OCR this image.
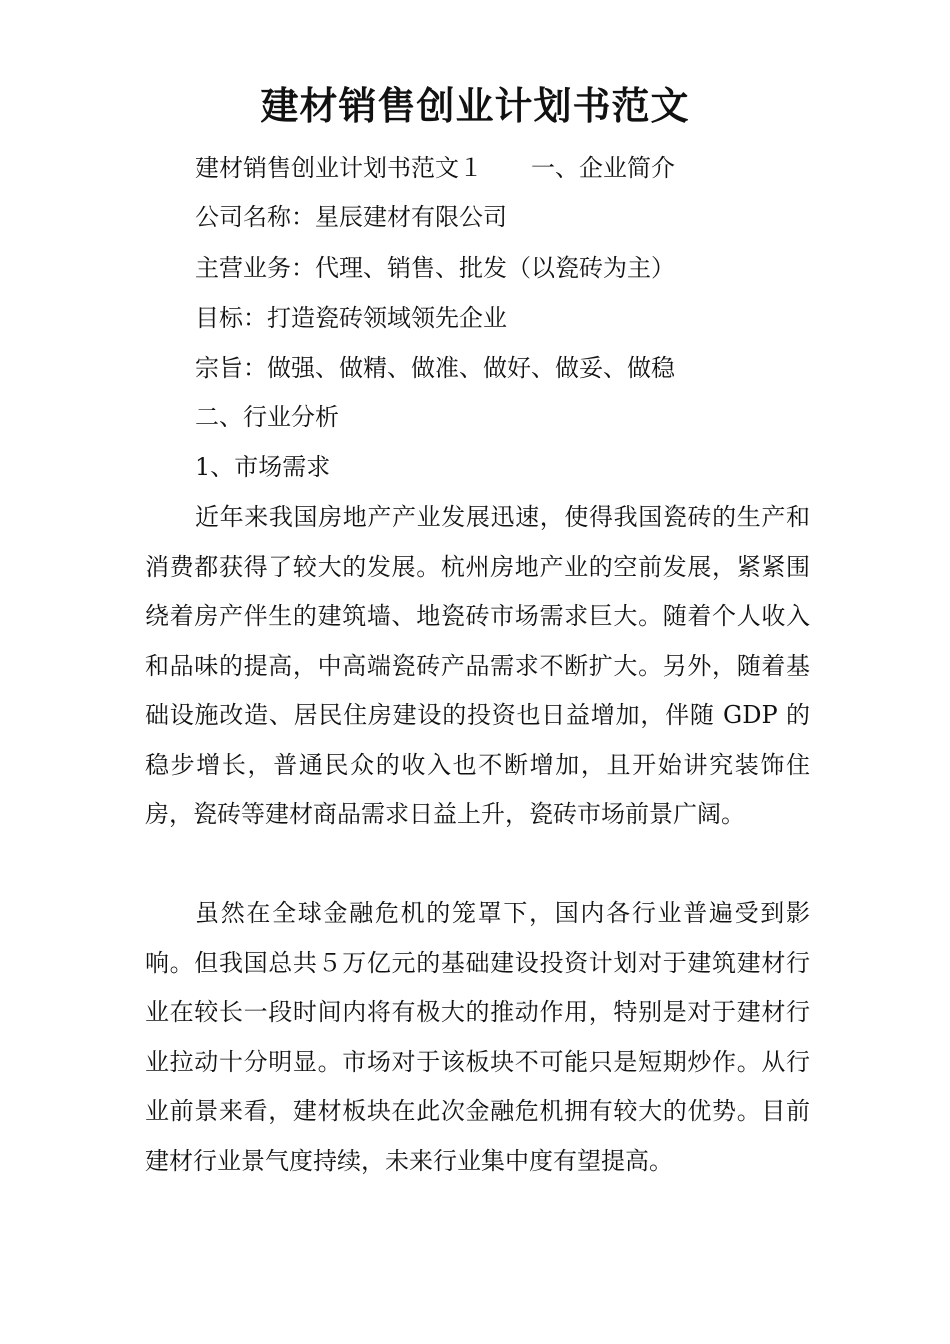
建材销售创业计划书范文
建材销售创业计划书范文１ 一、企业简介
公司名称：星辰建材有限公司
主营业务：代理、销售、批发（以瓷砖为主）
目标：打造瓷砖领域领先企业
宗旨：做强、做精、做准、做好、做妥、做稳
二、行业分析
1、市场需求
近年来我国房地产产业发展迅速，使得我国瓷砖的生产和消费都获得了较大的发展。杭州房地产业的空前发展，紧紧围绕着房产伴生的建筑墙、地瓷砖市场需求巨大。随着个人收入和品味的提高，中高端瓷砖产品需求不断扩大。另外，随着基础设施改造、居民住房建设的投资也日益增加，伴随 GDP 的稳步增长，普通民众的收入也不断增加，且开始讲究装饰住房，瓷砖等建材商品需求日益上升，瓷砖市场前景广阔。
虽然在全球金融危机的笼罩下，国内各行业普遍受到影响。但我国总共５万亿元的基础建设投资计划对于建筑建材行业在较长一段时间内将有极大的推动作用，特别是对于建材行业拉动十分明显。市场对于该板块不可能只是短期炒作。从行业前景来看，建材板块在此次金融危机拥有较大的优势。目前建材行业景气度持续，未来行业集中度有望提高。
